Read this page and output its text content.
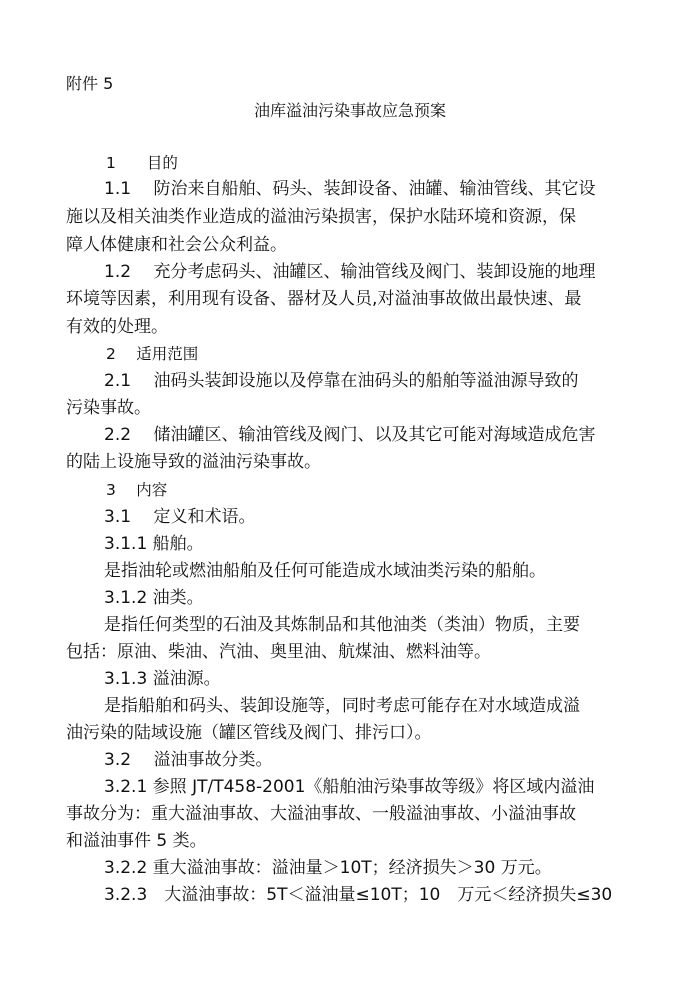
附件 5
油库溢油污染事故应急预案
1　　目的
1.1　 防治来自船舶、码头、装卸设备、油罐、输油管线、其它设
施以及相关油类作业造成的溢油污染损害，保护水陆环境和资源，保
障人体健康和社会公众利益。
1.2　 充分考虑码头、油罐区、输油管线及阀门、装卸设施的地理
环境等因素，利用现有设备、器材及人员,对溢油事故做出最快速、最
有效的处理。
2　 适用范围
2.1　 油码头装卸设施以及停靠在油码头的船舶等溢油源导致的
污染事故。
2.2　 储油罐区、输油管线及阀门、以及其它可能对海域造成危害
的陆上设施导致的溢油污染事故。
3　 内容
3.1　 定义和术语。
3.1.1 船舶。
是指油轮或燃油船舶及任何可能造成水域油类污染的船舶。
3.1.2 油类。
是指任何类型的石油及其炼制品和其他油类（类油）物质，主要
包括：原油、柴油、汽油、奥里油、航煤油、燃料油等。
3.1.3 溢油源。
是指船舶和码头、装卸设施等，同时考虑可能存在对水域造成溢
油污染的陆域设施（罐区管线及阀门、排污口）。
3.2　 溢油事故分类。
3.2.1 参照 JT/T458-2001《船舶油污染事故等级》将区域内溢油
事故分为：重大溢油事故、大溢油事故、一般溢油事故、小溢油事故
和溢油事件 5 类。
3.2.2 重大溢油事故：溢油量＞10T；经济损失＞30 万元。
3.2.3　大溢油事故：5T＜溢油量≤10T；10　万元＜经济损失≤30
